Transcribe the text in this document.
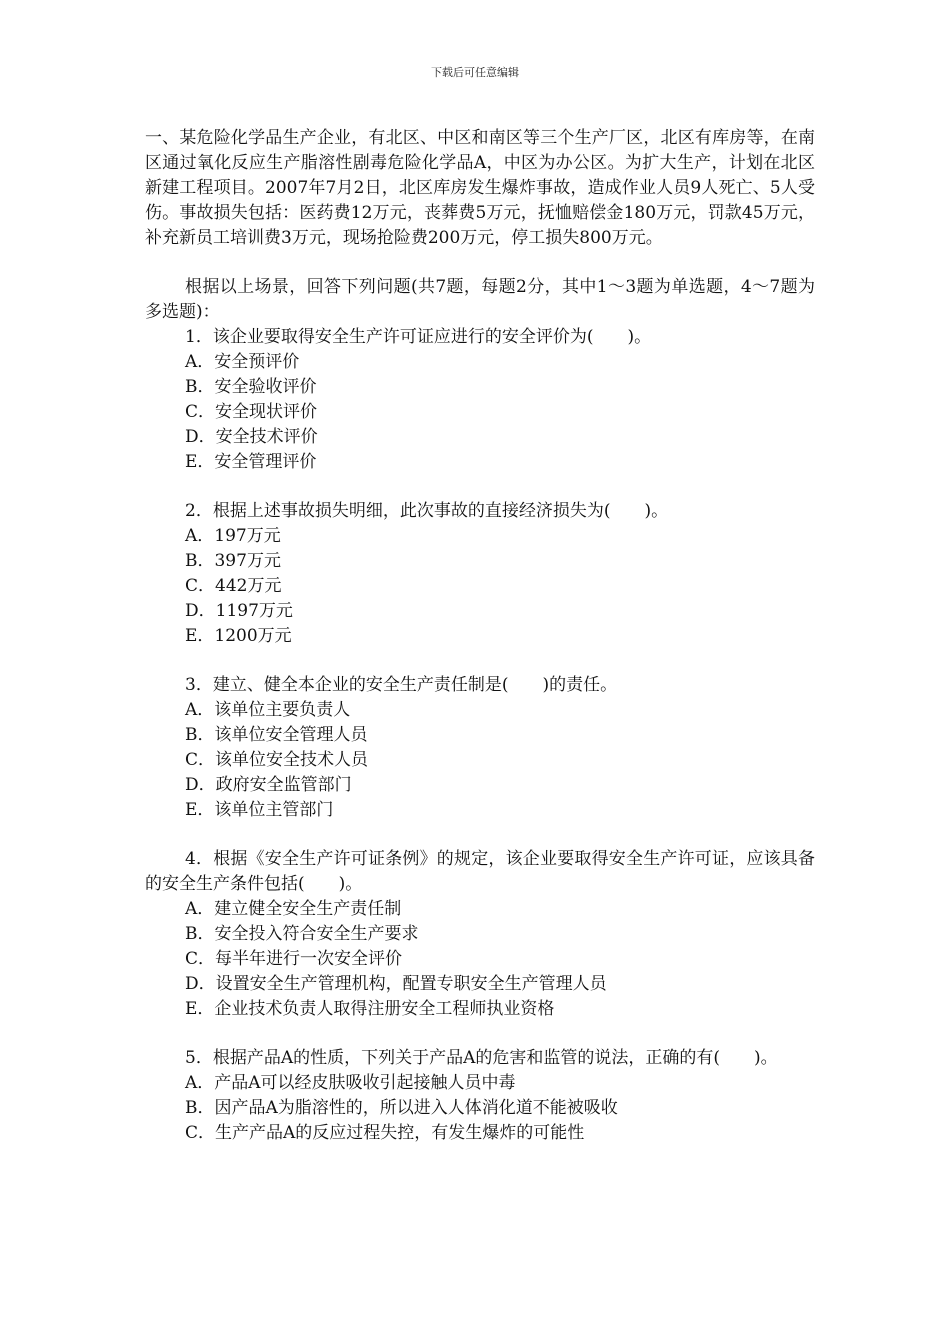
下载后可任意编辑

一、某危险化学品生产企业，有北区、中区和南区等三个生产厂区，北区有库房等，在南区通过氧化反应生产脂溶性剧毒危险化学品A，中区为办公区。为扩大生产，计划在北区新建工程项目。2007年7月2日，北区库房发生爆炸事故，造成作业人员9人死亡、5人受伤。事故损失包括：医药费12万元，丧葬费5万元，抚恤赔偿金180万元，罚款45万元，补充新员工培训费3万元，现场抢险费200万元，停工损失800万元。

根据以上场景，回答下列问题(共7题，每题2分，其中1～3题为单选题，4～7题为多选题)：

1．该企业要取得安全生产许可证应进行的安全评价为(　　)。

A．安全预评价

B．安全验收评价

C．安全现状评价

D．安全技术评价

E．安全管理评价

2．根据上述事故损失明细，此次事故的直接经济损失为(　　)。

A．197万元

B．397万元

C．442万元

D．1197万元

E．1200万元

3．建立、健全本企业的安全生产责任制是(　　)的责任。

A．该单位主要负责人

B．该单位安全管理人员

C．该单位安全技术人员

D．政府安全监管部门

E．该单位主管部门

4．根据《安全生产许可证条例》的规定，该企业要取得安全生产许可证，应该具备的安全生产条件包括(　　)。

A．建立健全安全生产责任制

B．安全投入符合安全生产要求

C．每半年进行一次安全评价

D．设置安全生产管理机构，配置专职安全生产管理人员

E．企业技术负责人取得注册安全工程师执业资格

5．根据产品A的性质，下列关于产品A的危害和监管的说法，正确的有(　　)。

A．产品A可以经皮肤吸收引起接触人员中毒

B．因产品A为脂溶性的，所以进入人体消化道不能被吸收

C．生产产品A的反应过程失控，有发生爆炸的可能性
